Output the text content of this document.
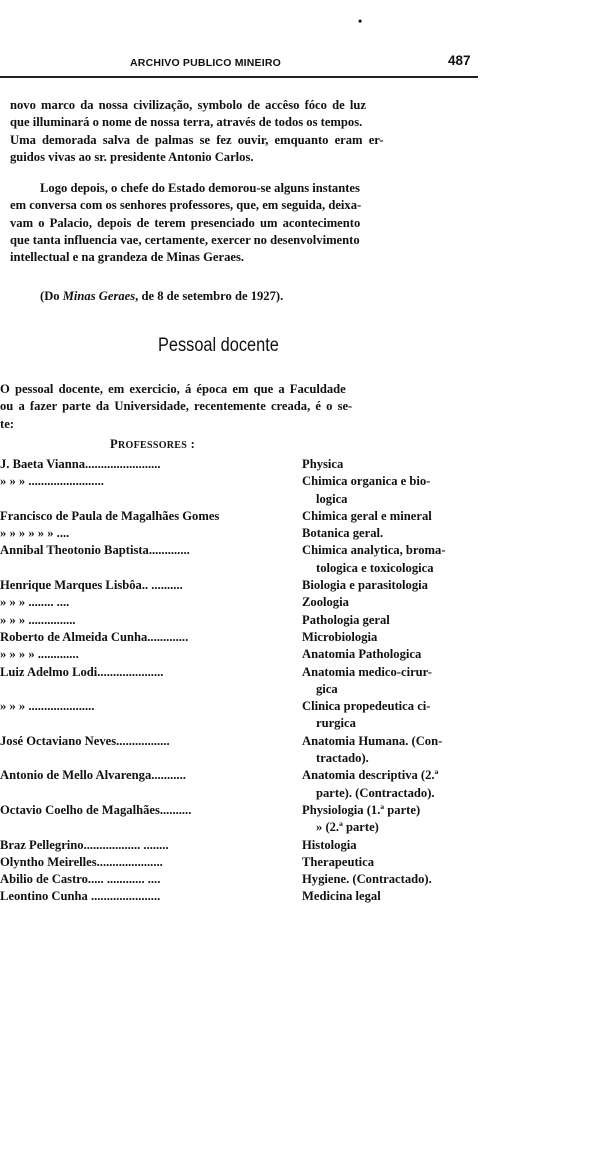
•
ARCHIVO PUBLICO MINEIRO	487
novo marco da nossa civilização, symbolo de accêso fóco de luz
que illuminará o nome de nossa terra, através de todos os tempos.
Uma demorada salva de palmas se fez ouvir, emquanto eram er-
guidos vivas ao sr. presidente Antonio Carlos.
Logo depois, o chefe do Estado demorou-se alguns instantes
em conversa com os senhores professores, que, em seguida, deixa-
vam o Palacio, depois de terem presenciado um acontecimento
que tanta influencia vae, certamente, exercer no desenvolvimento
intellectual e na grandeza de Minas Geraes.
(Do Minas Geraes, de 8 de setembro de 1927).
Pessoal docente
O pessoal docente, em exercicio, á época em que a Faculdade
ou a fazer parte da Universidade, recentemente creada, é o se-
te:
PROFESSORES :
J. Baeta Vianna........................	Physica
» » » ........................	Chimica organica e bio-
logica
Francisco de Paula de Magalhães Gomes	Chimica geral e mineral
» » » » » » ....	Botanica geral.
Annibal Theotonio Baptista.............	Chimica analytica, broma-
tologica e toxicologica
Henrique Marques Lisbôa.. ..........	Biologia e parasitologia
» » » ........ ....	Zoologia
» » » ...............	Pathologia geral
Roberto de Almeida Cunha.............	Microbiologia
» » » » .............	Anatomia Pathologica
Luiz Adelmo Lodi.....................	Anatomia medico-cirur-
gica
» » » .....................	Clinica propedeutica ci-
rurgica
José Octaviano Neves.................	Anatomia Humana. (Con-
tractado).
Antonio de Mello Alvarenga...........	Anatomia descriptiva (2.ª
parte). (Contractado).
Octavio Coelho de Magalhães..........	Physiologia (1.ª parte)
» (2.ª parte)
Braz Pellegrino.................. ........	Histologia
Olyntho Meirelles.....................	Therapeutica
Abilio de Castro..... ............ ....	Hygiene. (Contractado).
Leontino Cunha ......................	Medicina legal
